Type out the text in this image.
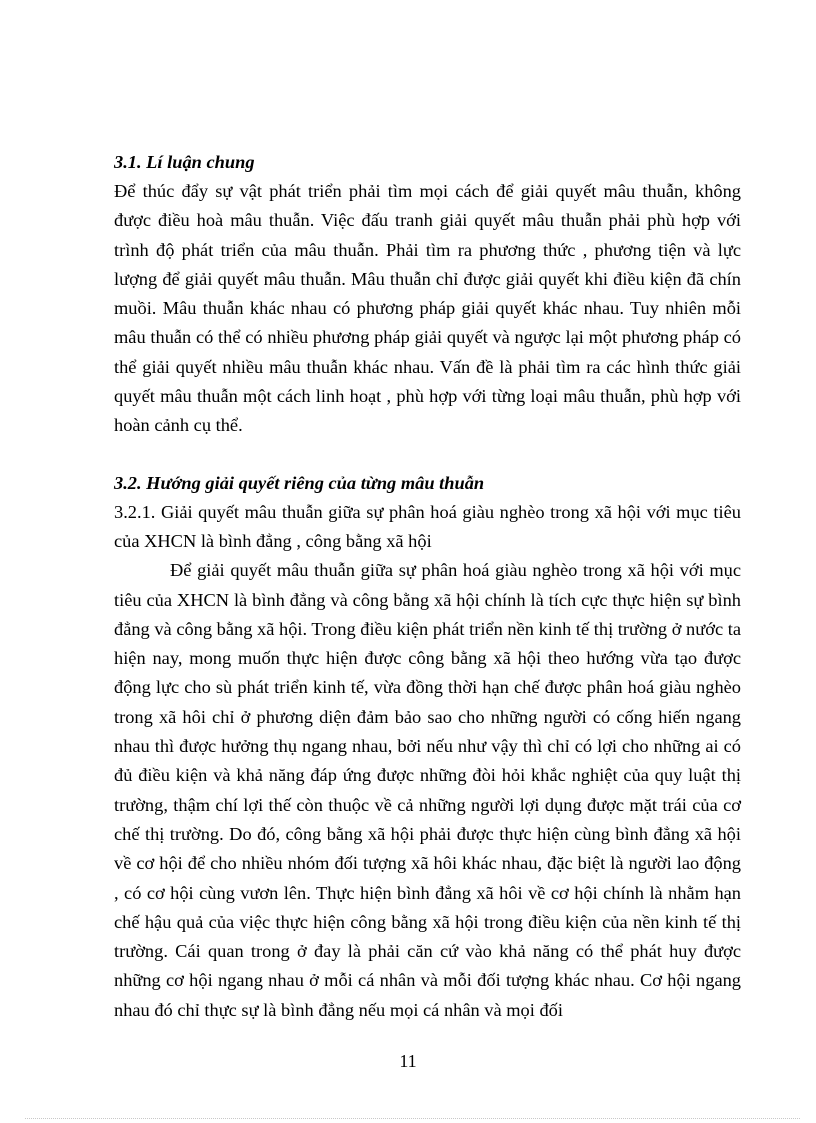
3.1. Lí luận chung

Để thúc đẩy sự vật phát triển phải tìm mọi cách để giải quyết mâu thuẫn, không được điều hoà mâu thuẫn. Việc đấu tranh giải quyết mâu thuẫn phải phù hợp với trình độ phát triển của mâu thuẫn. Phải tìm ra phương thức , phương tiện và lực lượng để giải quyết mâu thuẫn. Mâu thuẫn chỉ được giải quyết khi điều kiện đã chín muồi. Mâu thuẫn khác nhau có phương pháp giải quyết khác nhau. Tuy nhiên mỗi mâu thuẫn có thể có nhiều phương pháp giải quyết và ngược lại một phương pháp có thể giải quyết nhiều mâu thuẫn khác nhau. Vấn đề là phải tìm ra các hình thức giải quyết mâu thuẫn một cách linh hoạt , phù hợp với từng loại mâu thuẫn, phù hợp với hoàn cảnh cụ thể.

3.2. Hướng giải quyết riêng của từng mâu thuẫn

3.2.1. Giải quyết mâu thuẫn giữa sự phân hoá giàu nghèo trong xã hội với mục tiêu của XHCN là bình đẳng , công bằng xã hội

Để giải quyết mâu thuẫn giữa sự phân hoá giàu nghèo trong xã hội với mục tiêu của XHCN là bình đẳng và công bằng xã hội chính là tích cực thực hiện sự bình đẳng và công bằng xã hội. Trong điều kiện phát triển nền kinh tế thị trường ở nước ta hiện nay, mong muốn thực hiện được công bằng xã hội theo hướng vừa tạo được động lực cho sù phát triển kinh tế, vừa đồng thời hạn chế được phân hoá giàu nghèo trong xã hôi chỉ ở phương diện đảm bảo sao cho những người có cống hiến ngang nhau thì được hưởng thụ ngang nhau, bởi nếu như vậy thì chỉ có lợi cho những ai có đủ điều kiện và khả năng đáp ứng được những đòi hỏi khắc nghiệt của quy luật thị trường, thậm chí lợi thế còn thuộc về cả những người lợi dụng được mặt trái của cơ chế thị trường. Do đó, công bằng xã hội phải được thực hiện cùng bình đẳng xã hội về cơ hội để cho nhiều nhóm đối tượng xã hôi khác nhau, đặc biệt là người lao động , có cơ hội cùng vươn lên. Thực hiện bình đẳng xã hôi về cơ hội chính là nhằm hạn chế hậu quả của việc thực hiện công bằng xã hội trong điều kiện của nền kinh tế thị trường. Cái quan trong ở đay là phải căn cứ vào khả năng có thể phát huy được những cơ hội ngang nhau ở mỗi cá nhân và mỗi đối tượng khác nhau. Cơ hội ngang nhau đó chỉ thực sự là bình đẳng nếu mọi cá nhân và mọi đối

11
